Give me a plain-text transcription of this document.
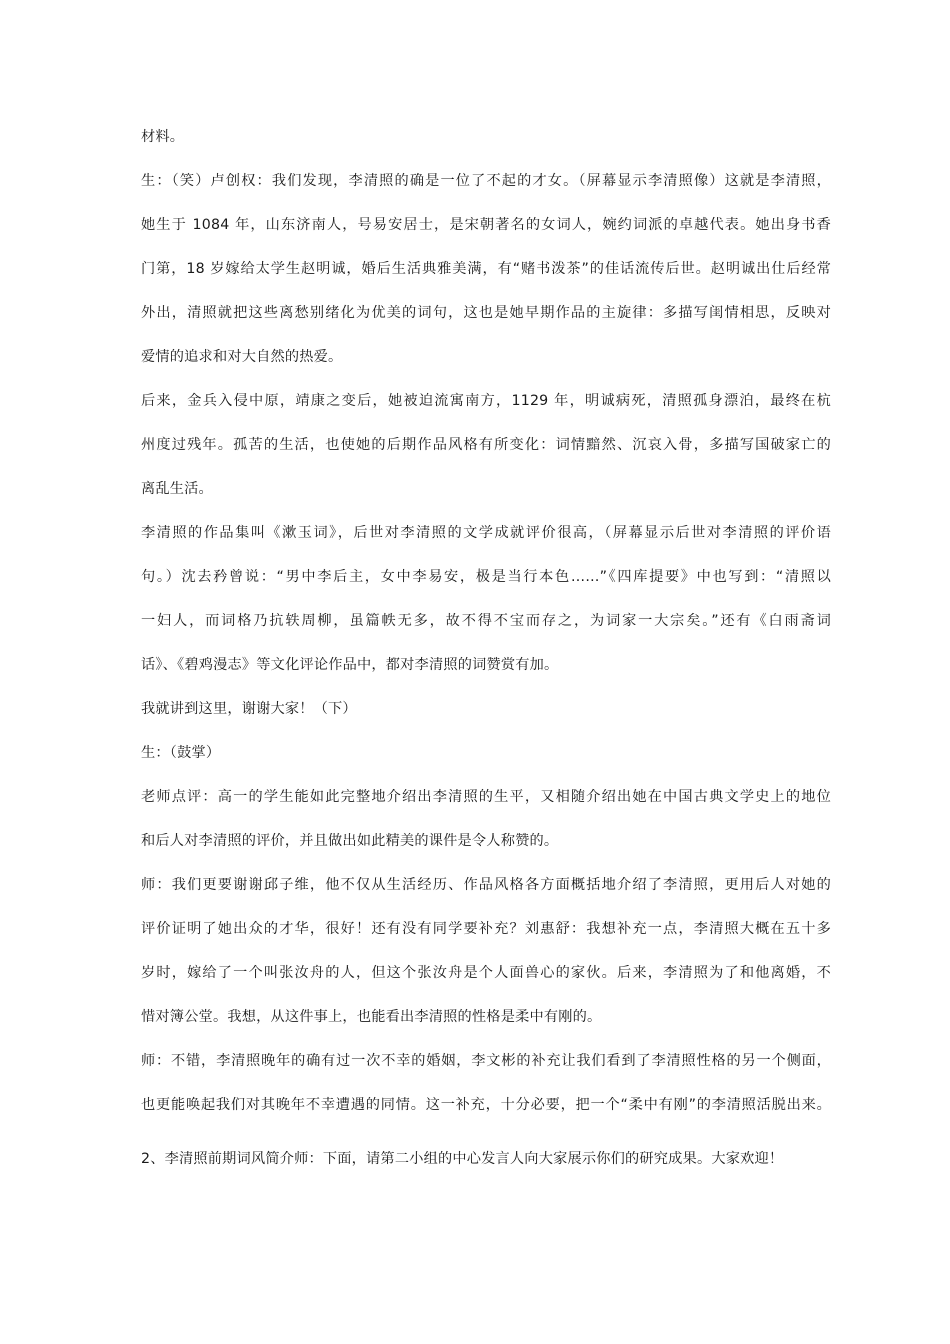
材料。
生：（笑）卢创权：我们发现，李清照的确是一位了不起的才女。（屏幕显示李清照像）这就是李清照，
她生于 1084 年，山东济南人，号易安居士，是宋朝著名的女词人，婉约词派的卓越代表。她出身书香
门第，18 岁嫁给太学生赵明诚，婚后生活典雅美满，有“赌书泼茶”的佳话流传后世。赵明诚出仕后经常
外出，清照就把这些离愁别绪化为优美的词句，这也是她早期作品的主旋律：多描写闺情相思，反映对
爱情的追求和对大自然的热爱。
后来，金兵入侵中原，靖康之变后，她被迫流寓南方，1129 年，明诚病死，清照孤身漂泊，最终在杭
州度过残年。孤苦的生活，也使她的后期作品风格有所变化：词情黯然、沉哀入骨，多描写国破家亡的
离乱生活。
李清照的作品集叫《漱玉词》，后世对李清照的文学成就评价很高，（屏幕显示后世对李清照的评价语
句。）沈去矜曾说：“男中李后主，女中李易安，极是当行本色……”《四库提要》中也写到：“清照以
一妇人，而词格乃抗轶周柳，虽篇帙无多，故不得不宝而存之，为词家一大宗矣。”还有《白雨斋词
话》、《碧鸡漫志》等文化评论作品中，都对李清照的词赞赏有加。
我就讲到这里，谢谢大家！（下）
生：（鼓掌）
老师点评：高一的学生能如此完整地介绍出李清照的生平，又相随介绍出她在中国古典文学史上的地位
和后人对李清照的评价，并且做出如此精美的课件是令人称赞的。
师：我们更要谢谢邱子维，他不仅从生活经历、作品风格各方面概括地介绍了李清照，更用后人对她的
评价证明了她出众的才华，很好！还有没有同学要补充？刘惠舒：我想补充一点，李清照大概在五十多
岁时，嫁给了一个叫张汝舟的人，但这个张汝舟是个人面兽心的家伙。后来，李清照为了和他离婚，不
惜对簿公堂。我想，从这件事上，也能看出李清照的性格是柔中有刚的。
师：不错，李清照晚年的确有过一次不幸的婚姻，李文彬的补充让我们看到了李清照性格的另一个侧面，
也更能唤起我们对其晚年不幸遭遇的同情。这一补充，十分必要，把一个“柔中有刚”的李清照活脱出来。
2、李清照前期词风简介师：下面，请第二小组的中心发言人向大家展示你们的研究成果。大家欢迎！
